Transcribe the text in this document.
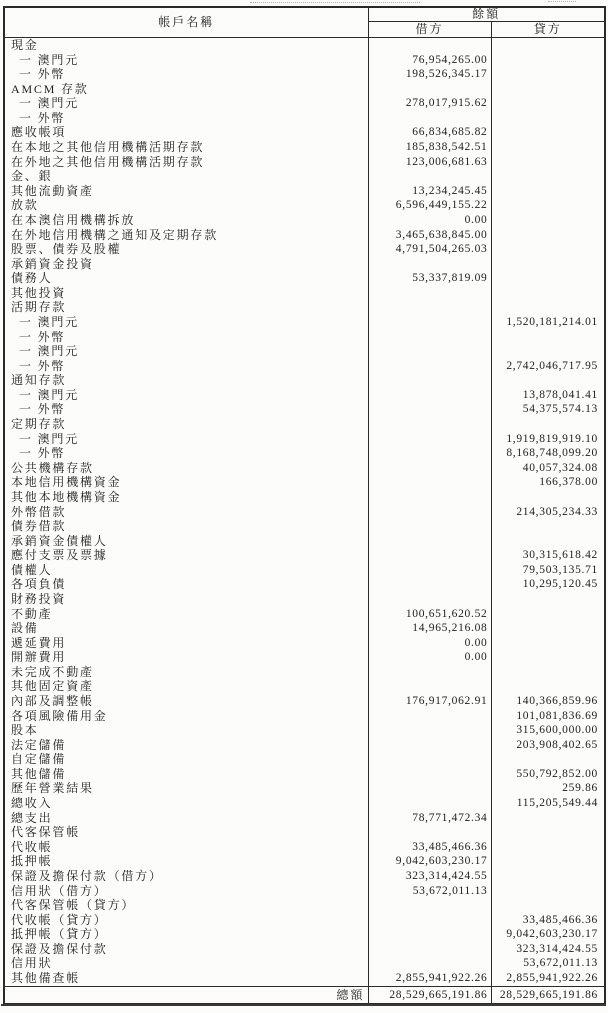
帳戶名稱	餘額	
	借方	貸方
現金		
一 澳門元	76,954,265.00	
一 外幣	198,526,345.17	
AMCM 存款		
一 澳門元	278,017,915.62	
一 外幣		
應收帳項	66,834,685.82	
在本地之其他信用機構活期存款	185,838,542.51	
在外地之其他信用機構活期存款	123,006,681.63	
金、銀		
其他流動資產	13,234,245.45	
放款	6,596,449,155.22	
在本澳信用機構拆放	0.00	
在外地信用機構之通知及定期存款	3,465,638,845.00	
股票、債券及股權	4,791,504,265.03	
承銷資金投資		
債務人	53,337,819.09	
其他投資		
活期存款		
一 澳門元		1,520,181,214.01
一 外幣		
一 澳門元		
一 外幣		2,742,046,717.95
通知存款		
一 澳門元		13,878,041.41
一 外幣		54,375,574.13
定期存款		
一 澳門元		1,919,819,919.10
一 外幣		8,168,748,099.20
公共機構存款		40,057,324.08
本地信用機構資金		166,378.00
其他本地機構資金		
外幣借款		214,305,234.33
債券借款		
承銷資金債權人		
應付支票及票據		30,315,618.42
債權人		79,503,135.71
各項負債		10,295,120.45
財務投資		
不動產	100,651,620.52	
設備	14,965,216.08	
遞延費用	0.00	
開辦費用	0.00	
未完成不動產		
其他固定資產		
內部及調整帳	176,917,062.91	140,366,859.96
各項風險備用金		101,081,836.69
股本		315,600,000.00
法定儲備		203,908,402.65
自定儲備		
其他儲備		550,792,852.00
歷年營業結果		259.86
總收入		115,205,549.44
總支出	78,771,472.34	
代客保管帳		
代收帳	33,485,466.36	
抵押帳	9,042,603,230.17	
保證及擔保付款（借方）	323,314,424.55	
信用狀（借方）	53,672,011.13	
代客保管帳（貸方）		
代收帳（貸方）		33,485,466.36
抵押帳（貸方）		9,042,603,230.17
保證及擔保付款		323,314,424.55
信用狀		53,672,011.13
其他備查帳	2,855,941,922.26	2,855,941,922.26
總額	28,529,665,191.86	28,529,665,191.86
